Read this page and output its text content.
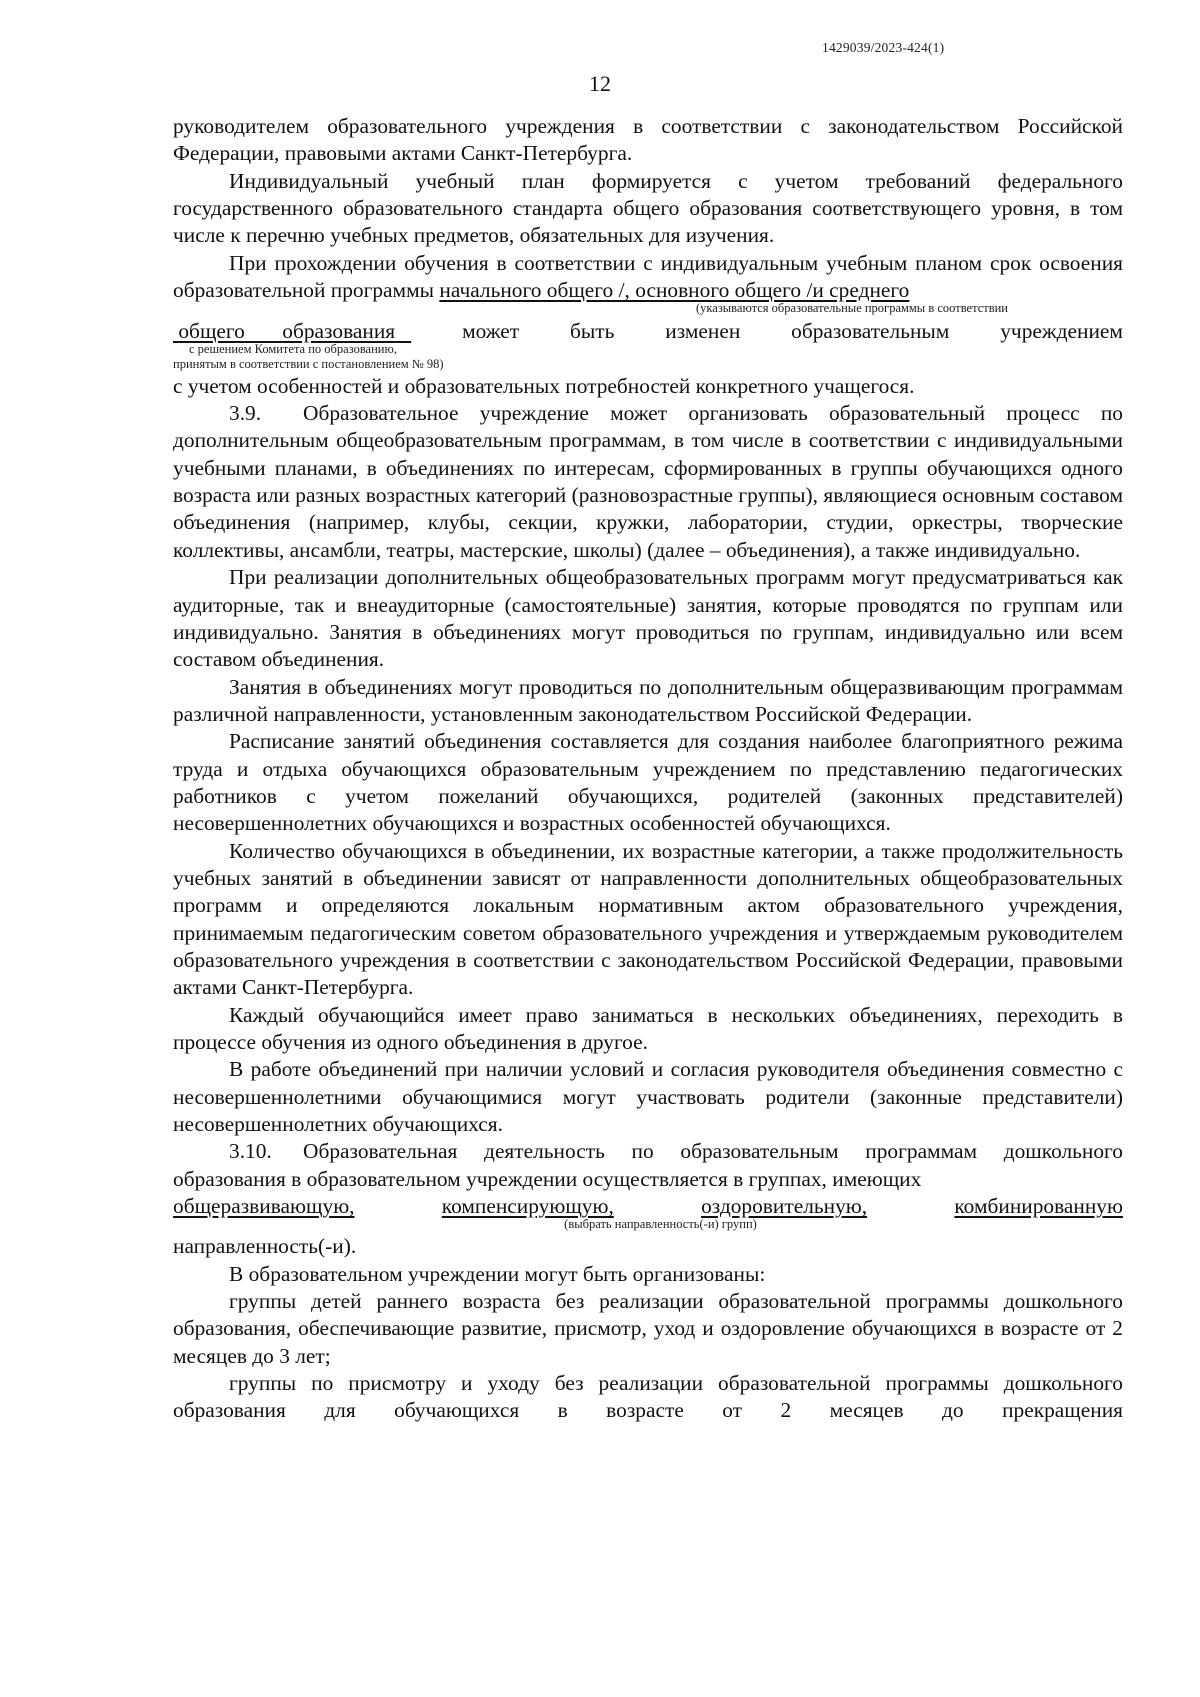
1429039/2023-424(1)
12

руководителем образовательного учреждения в соответствии с законодательством Российской Федерации, правовыми актами Санкт-Петербурга.

Индивидуальный учебный план формируется с учетом требований федерального государственного образовательного стандарта общего образования соответствующего уровня, в том числе к перечню учебных предметов, обязательных для изучения.

При прохождении обучения в соответствии с индивидуальным учебным планом срок освоения образовательной программы начального общего /, основного общего /и среднего

(указываются образовательные программы в соответствии
общего образования	может быть изменен образовательным учреждением
с решением Комитета по образованию,
принятым в соответствии с постановлением № 98)

с учетом особенностей и образовательных потребностей конкретного учащегося.

3.9. Образовательное учреждение может организовать образовательный процесс по дополнительным общеобразовательным программам, в том числе в соответствии с индивидуальными учебными планами, в объединениях по интересам, сформированных в группы обучающихся одного возраста или разных возрастных категорий (разновозрастные группы), являющиеся основным составом объединения (например, клубы, секции, кружки, лаборатории, студии, оркестры, творческие коллективы, ансамбли, театры, мастерские, школы) (далее – объединения), а также индивидуально.

При реализации дополнительных общеобразовательных программ могут предусматриваться как аудиторные, так и внеаудиторные (самостоятельные) занятия, которые проводятся по группам или индивидуально. Занятия в объединениях могут проводиться по группам, индивидуально или всем составом объединения.

Занятия в объединениях могут проводиться по дополнительным общеразвивающим программам различной направленности, установленным законодательством Российской Федерации.

Расписание занятий объединения составляется для создания наиболее благоприятного режима труда и отдыха обучающихся образовательным учреждением по представлению педагогических работников с учетом пожеланий обучающихся, родителей (законных представителей) несовершеннолетних обучающихся и возрастных особенностей обучающихся.

Количество обучающихся в объединении, их возрастные категории, а также продолжительность учебных занятий в объединении зависят от направленности дополнительных общеобразовательных программ и определяются локальным нормативным актом образовательного учреждения, принимаемым педагогическим советом образовательного учреждения и утверждаемым руководителем образовательного учреждения в соответствии с законодательством Российской Федерации, правовыми актами Санкт-Петербурга.

Каждый обучающийся имеет право заниматься в нескольких объединениях, переходить в процессе обучения из одного объединения в другое.

В работе объединений при наличии условий и согласия руководителя объединения совместно с несовершеннолетними обучающимися могут участвовать родители (законные представители) несовершеннолетних обучающихся.

3.10. Образовательная деятельность по образовательным программам дошкольного образования в образовательном учреждении осуществляется в группах, имеющих

общеразвивающую,	компенсирующую,	оздоровительную,	комбинированную
(выбрать направленность(-и) групп)

направленность(-и).

В образовательном учреждении могут быть организованы:

группы детей раннего возраста без реализации образовательной программы дошкольного образования, обеспечивающие развитие, присмотр, уход и оздоровление обучающихся в возрасте от 2 месяцев до 3 лет;

группы по присмотру и уходу без реализации образовательной программы дошкольного образования для обучающихся в возрасте от 2 месяцев до прекращения
